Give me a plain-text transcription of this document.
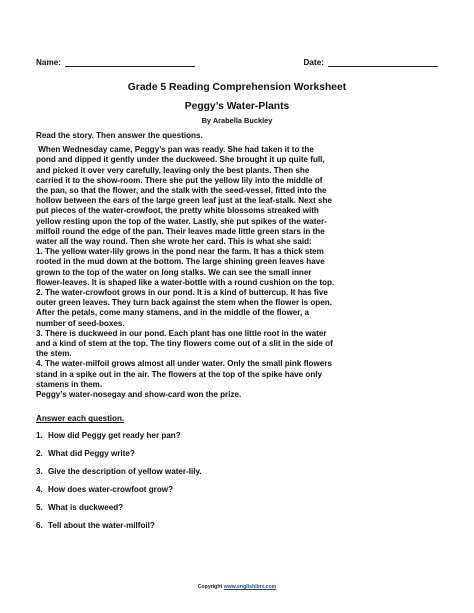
Name:	Date:
Grade 5 Reading Comprehension Worksheet
Peggy’s Water-Plants
By Arabella Buckley

Read the story. Then answer the questions.

When Wednesday came, Peggy’s pan was ready. She had taken it to the
pond and dipped it gently under the duckweed. She brought it up quite full,
and picked it over very carefully, leaving only the best plants. Then she
carried it to the show-room. There she put the yellow lily into the middle of
the pan, so that the flower, and the stalk with the seed-vessel, fitted into the
hollow between the ears of the large green leaf just at the leaf-stalk. Next she
put pieces of the water-crowfoot, the pretty white blossoms streaked with
yellow resting upon the top of the water. Lastly, she put spikes of the water-
milfoil round the edge of the pan. Their leaves made little green stars in the
water all the way round. Then she wrote her card. This is what she said:
1. The yellow water-lily grows in the pond near the farm. It has a thick stem
rooted in the mud down at the bottom. The large shining green leaves have
grown to the top of the water on long stalks. We can see the small inner
flower-leaves. It is shaped like a water-bottle with a round cushion on the top.
2. The water-crowfoot grows in our pond. It is a kind of buttercup. It has five
outer green leaves. They turn back against the stem when the flower is open.
After the petals, come many stamens, and in the middle of the flower, a
number of seed-boxes.
3. There is duckweed in our pond. Each plant has one little root in the water
and a kind of stem at the top. The tiny flowers come out of a slit in the side of
the stem.
4. The water-milfoil grows almost all under water. Only the small pink flowers
stand in a spike out in the air. The flowers at the top of the spike have only
stamens in them.
Peggy’s water-nosegay and show-card won the prize.
Answer each question.
1. How did Peggy get ready her pan?
2. What did Peggy write?
3. Give the description of yellow water-lily.
4. How does water-crowfoot grow?
5. What is duckweed?
6. Tell about the water-milfoil?
Copyright www.englishlinx.com
